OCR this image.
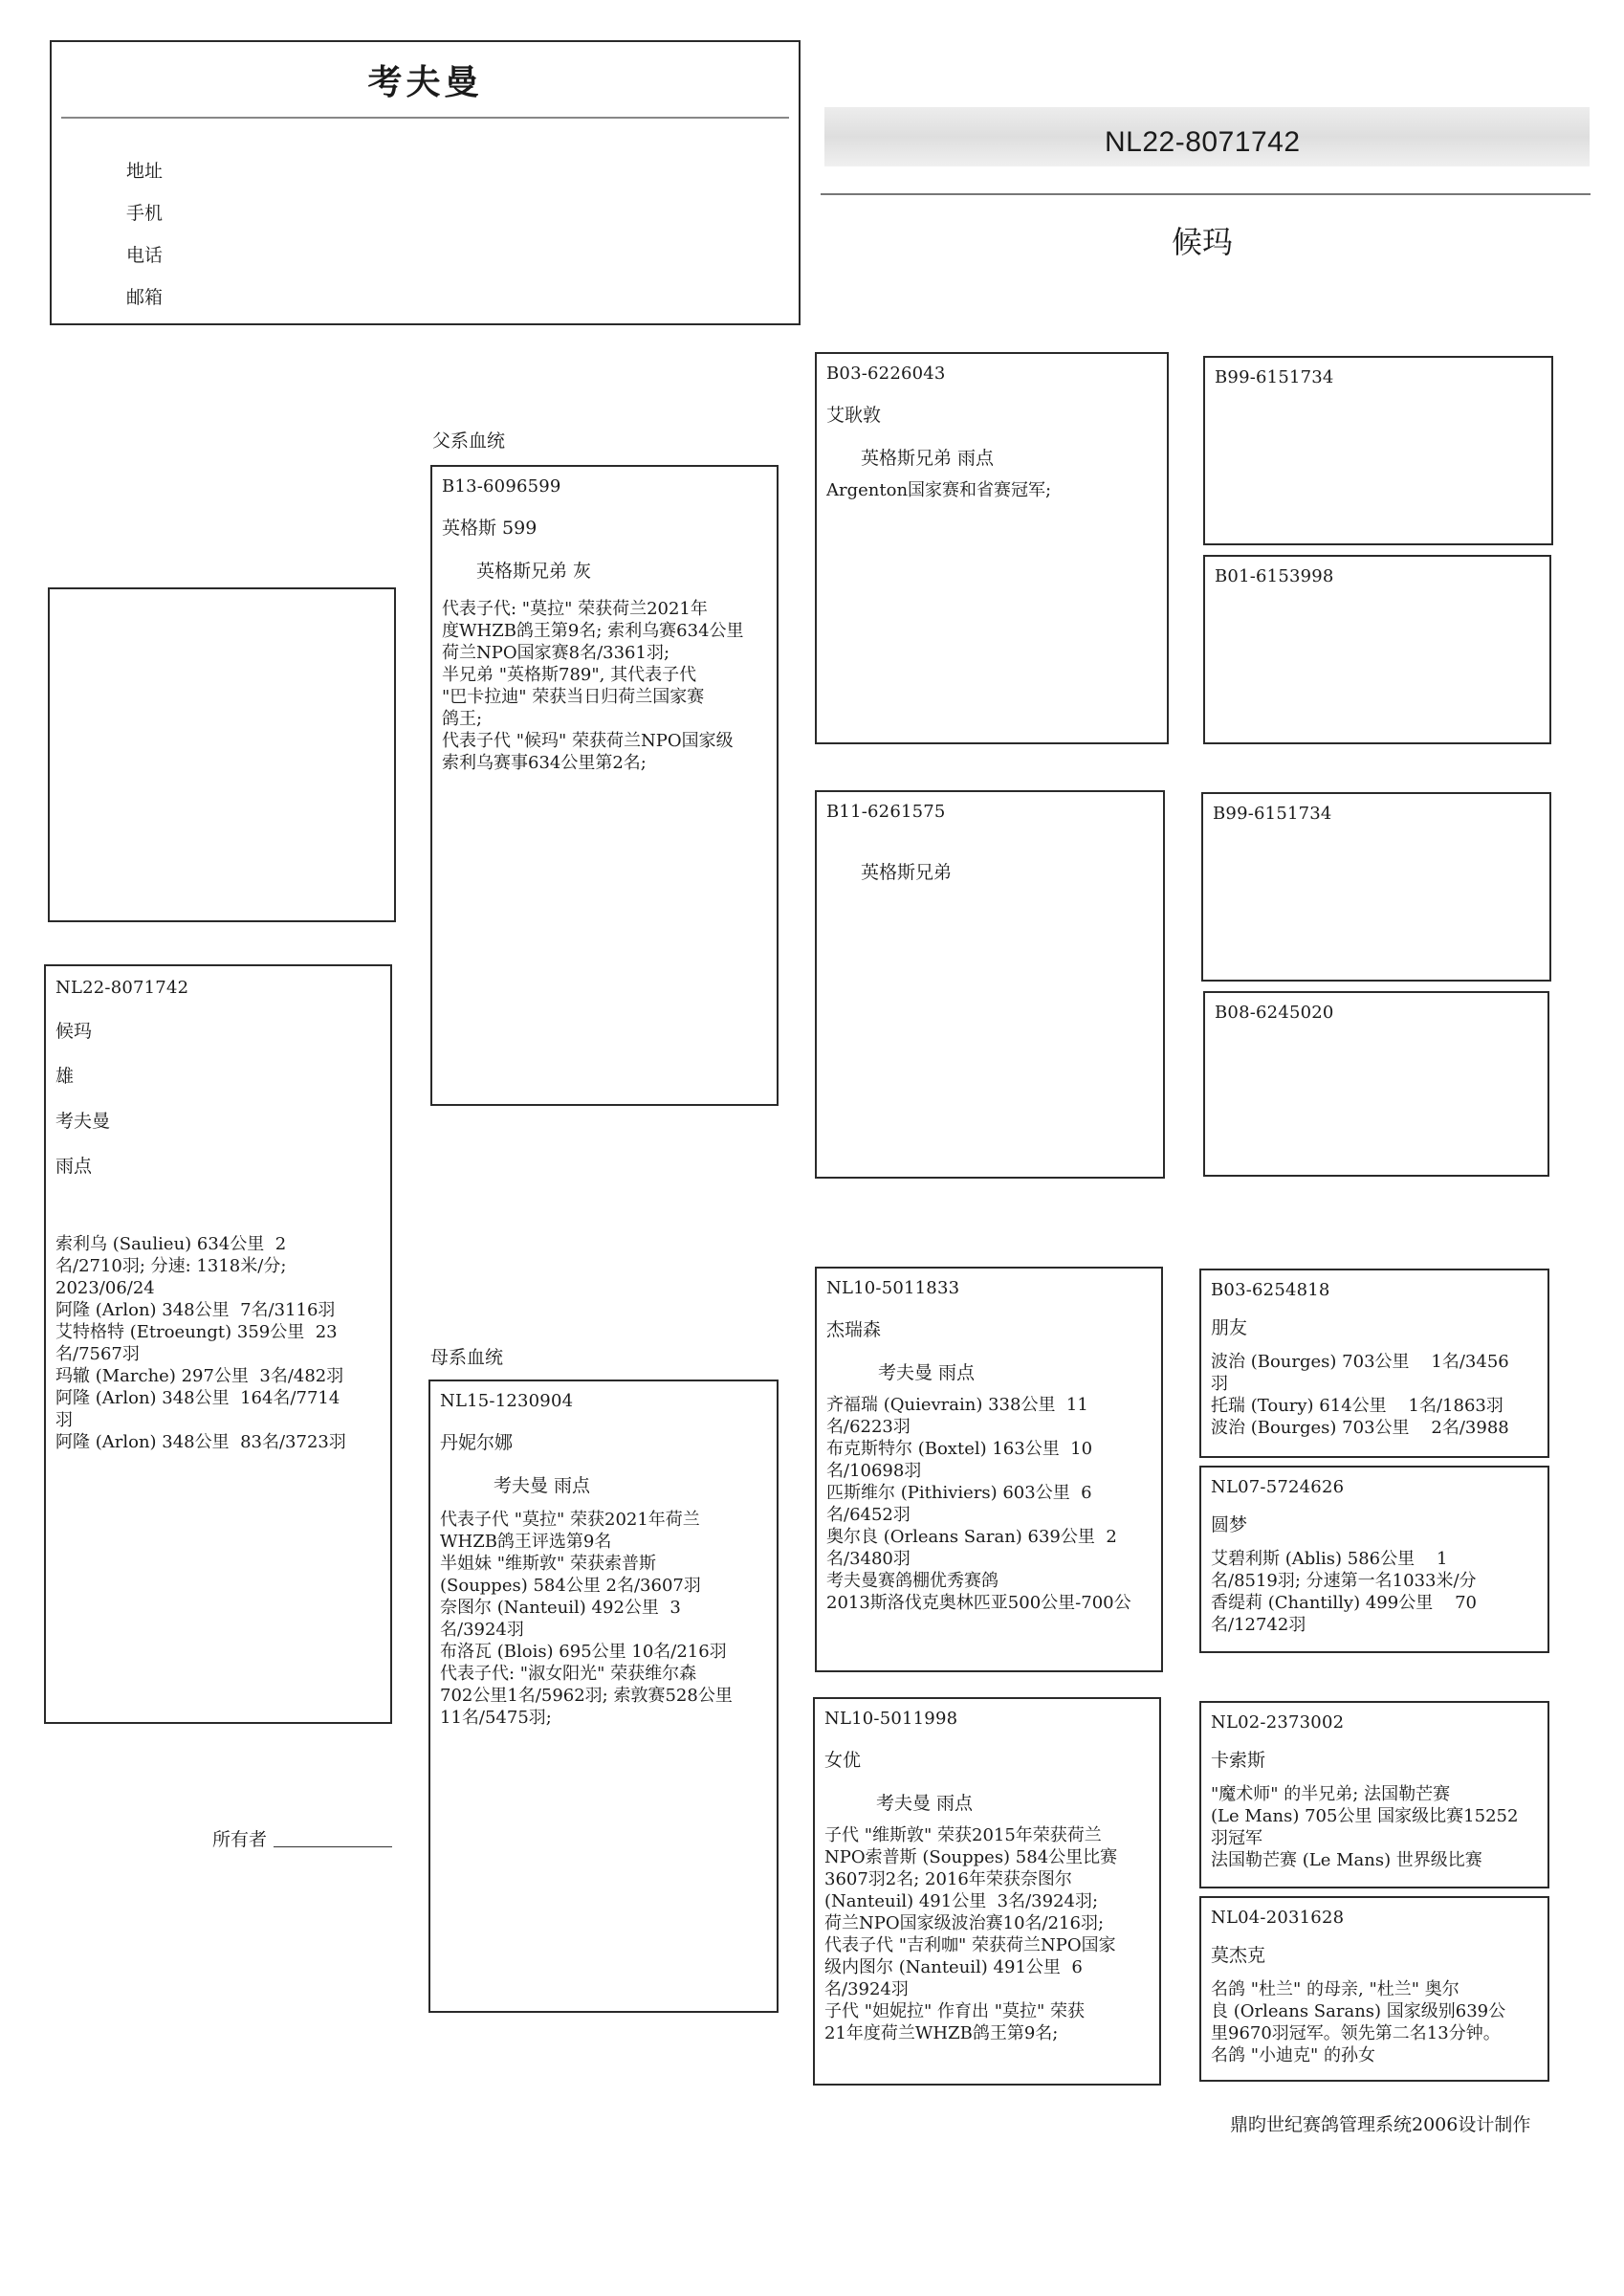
考夫曼
地址
手机
电话
邮箱
NL22-8071742
候玛
NL22-8071742
候玛
雄
考夫曼
雨点
索利乌 (Saulieu) 634公里  2
名/2710羽; 分速: 1318米/分;
2023/06/24
阿隆 (Arlon) 348公里  7名/3116羽
艾特格特 (Etroeungt) 359公里  23
名/7567羽
玛辙 (Marche) 297公里  3名/482羽
阿隆 (Arlon) 348公里  164名/7714
羽
阿隆 (Arlon) 348公里  83名/3723羽
父系血统
母系血统
B13-6096599
英格斯 599
英格斯兄弟 灰
代表子代: "莫拉" 荣获荷兰2021年
度WHZB鸽王第9名; 索利乌赛634公里
荷兰NPO国家赛8名/3361羽;
半兄弟 "英格斯789", 其代表子代
"巴卡拉迪" 荣获当日归荷兰国家赛
鸽王;
代表子代 "候玛" 荣获荷兰NPO国家级
索利乌赛事634公里第2名;
NL15-1230904
丹妮尔娜
考夫曼 雨点
代表子代 "莫拉" 荣获2021年荷兰
WHZB鸽王评选第9名
半姐妹 "维斯敦" 荣获索普斯
(Souppes) 584公里 2名/3607羽
奈图尔 (Nanteuil) 492公里  3
名/3924羽
布洛瓦 (Blois) 695公里 10名/216羽
代表子代: "淑女阳光" 荣获维尔森
702公里1名/5962羽; 索敦赛528公里
11名/5475羽;
B03-6226043
艾耿敦
英格斯兄弟 雨点
Argenton国家赛和省赛冠军;
B11-6261575
英格斯兄弟
NL10-5011833
杰瑞森
考夫曼 雨点
齐福瑞 (Quievrain) 338公里  11
名/6223羽
布克斯特尔 (Boxtel) 163公里  10
名/10698羽
匹斯维尔 (Pithiviers) 603公里  6
名/6452羽
奥尔良 (Orleans Saran) 639公里  2
名/3480羽
考夫曼赛鸽棚优秀赛鸽
2013斯洛伐克奥林匹亚500公里-700公
NL10-5011998
女优
考夫曼 雨点
子代 "维斯敦" 荣获2015年荣获荷兰
NPO索普斯 (Souppes) 584公里比赛
3607羽2名; 2016年荣获奈图尔
(Nanteuil) 491公里  3名/3924羽;
荷兰NPO国家级波治赛10名/216羽;
代表子代 "吉利咖" 荣获荷兰NPO国家
级内图尔 (Nanteuil) 491公里  6
名/3924羽
子代 "妲妮拉" 作育出 "莫拉" 荣获
21年度荷兰WHZB鸽王第9名;
B99-6151734
B01-6153998
B99-6151734
B08-6245020
B03-6254818
朋友
波治 (Bourges) 703公里    1名/3456
羽
托瑞 (Toury) 614公里    1名/1863羽
波治 (Bourges) 703公里    2名/3988
NL07-5724626
圆梦
艾碧利斯 (Ablis) 586公里    1
名/8519羽; 分速第一名1033米/分
香缇莉 (Chantilly) 499公里    70
名/12742羽
NL02-2373002
卡索斯
"魔术师" 的半兄弟; 法国勒芒赛
(Le Mans) 705公里 国家级比赛15252
羽冠军
法国勒芒赛 (Le Mans) 世界级比赛
NL04-2031628
莫杰克
名鸽 "杜兰" 的母亲, "杜兰" 奥尔
良 (Orleans Sarans) 国家级别639公
里9670羽冠军。领先第二名13分钟。
名鸽 "小迪克" 的孙女
所有者
鼎昀世纪赛鸽管理系统2006设计制作
